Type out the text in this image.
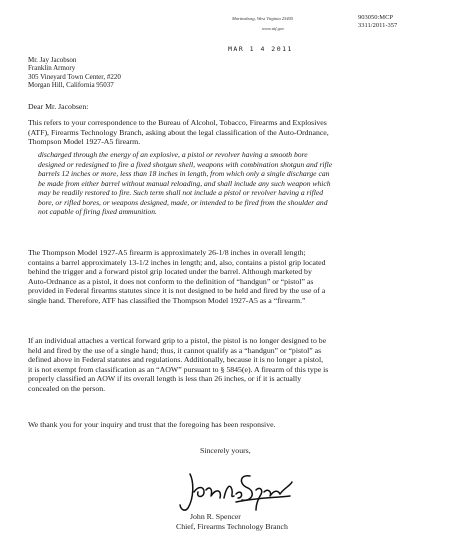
Martinsburg, West Virginia 25405
www.atf.gov
903050:MCP
3311/2011-357
MAR 1 4 2011
Mr. Jay Jacobson
Franklin Armory
305 Vineyard Town Center, #220
Morgan Hill, California 95037
Dear Mr. Jacobsen:
This refers to your correspondence to the Bureau of Alcohol, Tobacco, Firearms and Explosives
(ATF), Firearms Technology Branch, asking about the legal classification of the Auto-Ordnance,
Thompson Model 1927-A5 firearm.
discharged through the energy of an explosive, a pistol or revolver having a smooth bore
designed or redesigned to fire a fixed shotgun shell, weapons with combination shotgun and rifle
barrels 12 inches or more, less than 18 inches in length, from which only a single discharge can
be made from either barrel without manual reloading, and shall include any such weapon which
may be readily restored to fire. Such term shall not include a pistol or revolver having a rifled
bore, or rifled bores, or weapons designed, made, or intended to be fired from the shoulder and
not capable of firing fixed ammunition.
The Thompson Model 1927-A5 firearm is approximately 26-1/8 inches in overall length;
contains a barrel approximately 13-1/2 inches in length; and, also, contains a pistol grip located
behind the trigger and a forward pistol grip located under the barrel. Although marketed by
Auto-Ordnance as a pistol, it does not conform to the definition of “handgun” or “pistol” as
provided in Federal firearms statutes since it is not designed to be held and fired by the use of a
single hand. Therefore, ATF has classified the Thompson Model 1927-A5 as a “firearm.”
If an individual attaches a vertical forward grip to a pistol, the pistol is no longer designed to be
held and fired by the use of a single hand; thus, it cannot qualify as a “handgun” or “pistol” as
defined above in Federal statutes and regulations. Additionally, because it is no longer a pistol,
it is not exempt from classification as an “AOW” pursuant to § 5845(e). A firearm of this type is
properly classified an AOW if its overall length is less than 26 inches, or if it is actually
concealed on the person.
We thank you for your inquiry and trust that the foregoing has been responsive.
Sincerely yours,
John R. Spencer
Chief, Firearms Technology Branch
